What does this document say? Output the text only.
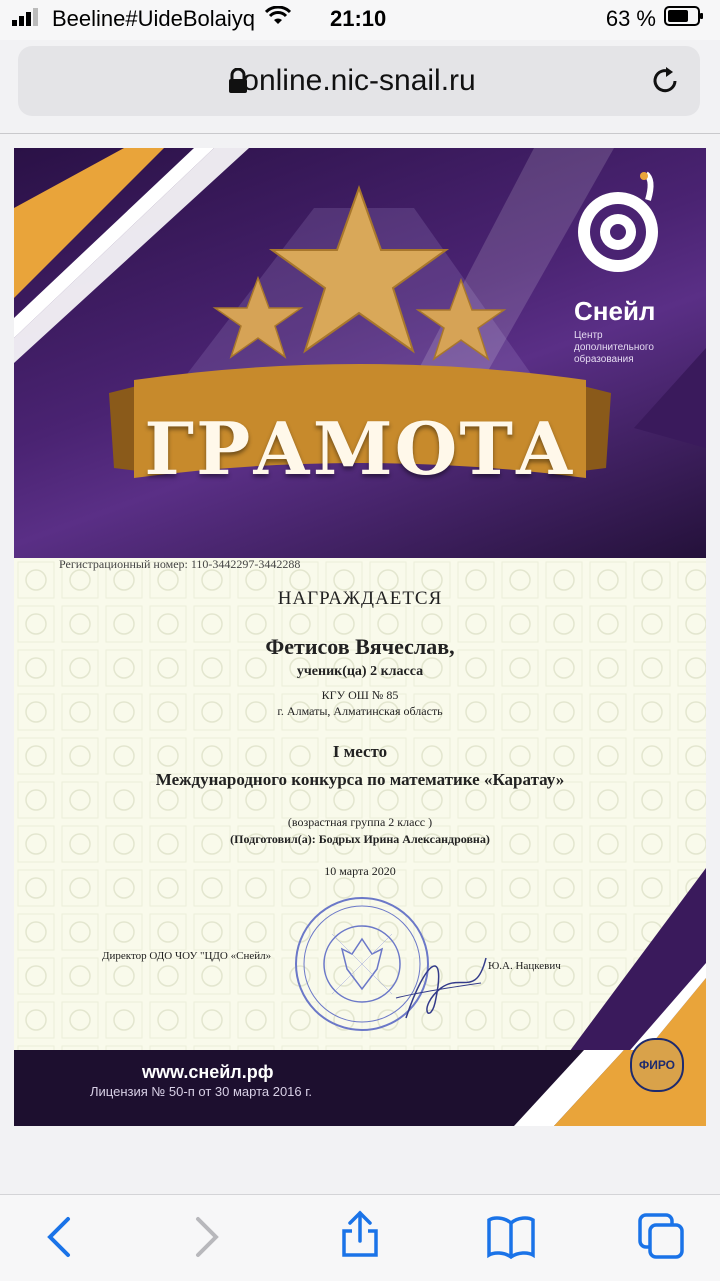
Beeline#UideBolaiyq	21:10	63 %
online.nic-snail.ru
Снейл
Центр дополнительного образования
ГРАМОТА
Регистрационный номер: 110-3442297-3442288
НАГРАЖДАЕТСЯ
Фетисов Вячеслав,
ученик(ца) 2 класса
КГУ ОШ № 85
г. Алматы, Алматинская область
I место
Международного конкурса по математике «Каратау»
(возрастная группа 2 класс )
(Подготовил(а): Бодрых Ирина Александровна)
10 марта 2020
Директор ОДО ЧОУ "ЦДО «Снейл»
Ю.А. Нацкевич
www.снейл.рф
Лицензия № 50-п от 30 марта 2016 г.
ФИРО
